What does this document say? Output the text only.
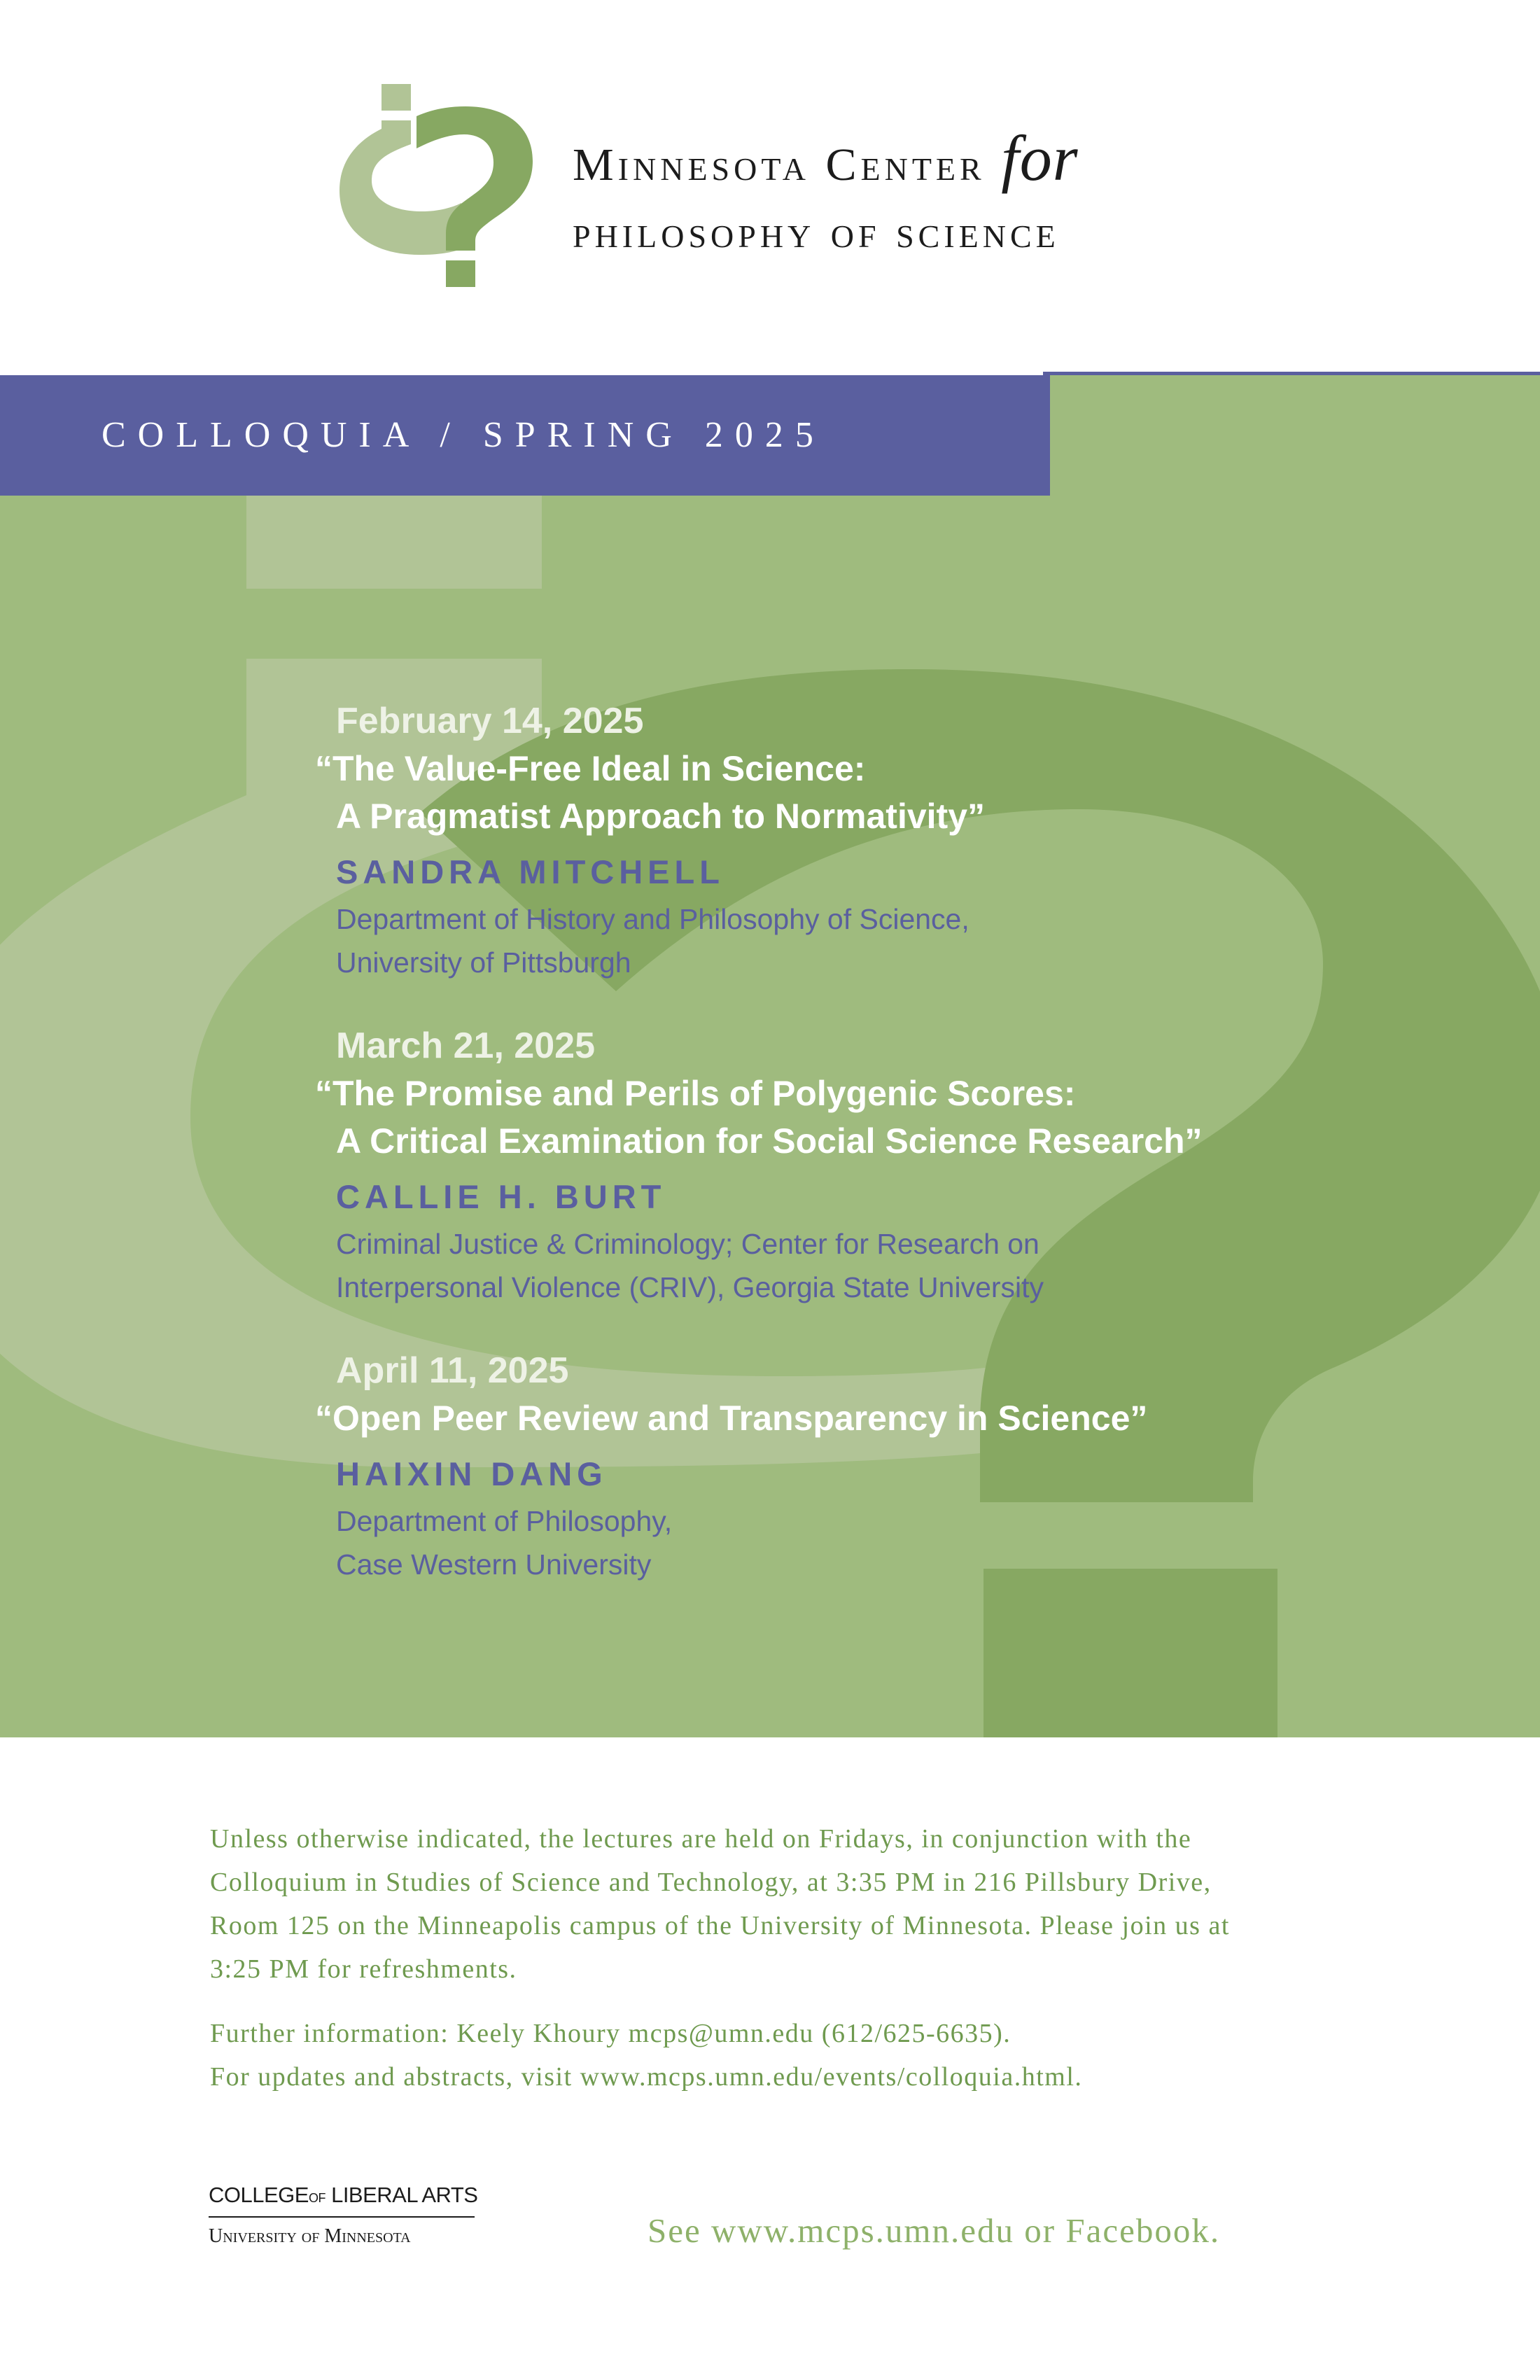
Minnesota Center for
philosophy of science
COLLOQUIA / SPRING 2025
February 14, 2025
“The Value-Free Ideal in Science:
A Pragmatist Approach to Normativity”
SANDRA MITCHELL
Department of History and Philosophy of Science,
University of Pittsburgh
March 21, 2025
“The Promise and Perils of Polygenic Scores:
A Critical Examination for Social Science Research”
CALLIE H. BURT
Criminal Justice & Criminology; Center for Research on
Interpersonal Violence (CRIV), Georgia State University
April 11, 2025
“Open Peer Review and Transparency in Science”
HAIXIN DANG
Department of Philosophy,
Case Western University

Unless otherwise indicated, the lectures are held on Fridays, in conjunction with the
Colloquium in Studies of Science and Technology, at 3:35 PM in 216 Pillsbury Drive,
Room 125 on the Minneapolis campus of the University of Minnesota. Please join us at
3:25 PM for refreshments.

Further information: Keely Khoury mcps@umn.edu (612/625-6635).
For updates and abstracts, visit www.mcps.umn.edu/events/colloquia.html.

COLLEGEOF LIBERAL ARTS
University of Minnesota	See www.mcps.umn.edu or Facebook.
